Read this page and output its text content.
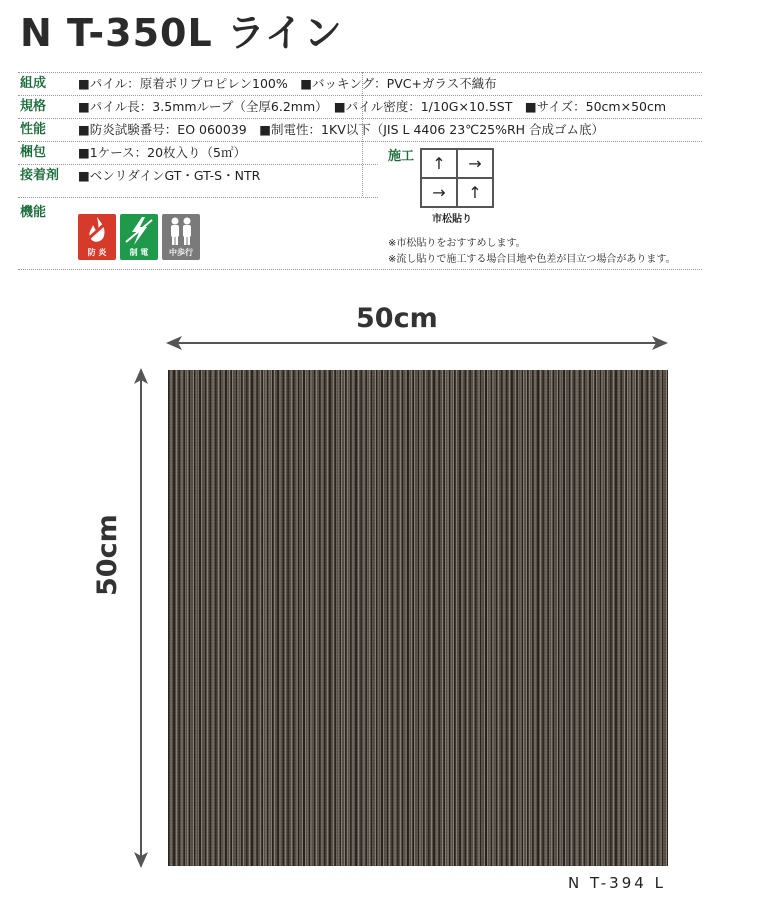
N T-350L ライン
組成	■パイル：原着ポリプロピレン100%　■バッキング：PVC+ガラス不織布
規格	■パイル長：3.5mmループ（全厚6.2mm）　■パイル密度：1/10G×10.5ST　■サイズ：50cm×50cm
性能	■防炎試験番号：EO 060039　■制電性：1KV以下（JIS L 4406 23℃25%RH 合成ゴム底）
梱包	■1ケース：20枚入り（5㎡）
接着剤	■ベンリダインGT・GT-S・NTR
機能
防 炎	制 電	中歩行
施工	↑	→
→	↑
市松貼り
※市松貼りをおすすめします。
※流し貼りで施工する場合目地や色差が目立つ場合があります。
50cm
50cm
N T-394 L
